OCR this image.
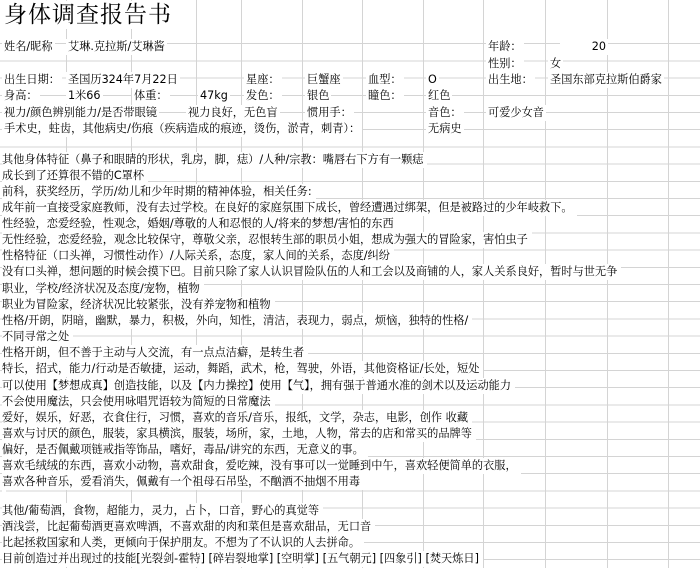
身体调查报告书
姓名/昵称 艾琳.克拉斯/艾琳酱	年龄：	20
性别：	女
出生日期： 圣国历324年7月22日	星座： 巨蟹座 血型： O	出生地： 圣国东部克拉斯伯爵家
身高：	1米66	体重：	47kg 发色： 银色	瞳色： 红色
视力/颜色辨别能力/是否带眼镜	视力良好，无色盲	惯用手：	音色： 可爱少女音
手术史，蛀齿，其他病史/伤痕（疾病造成的痕迹，烫伤，淤青，刺青）：	无病史
其他身体特征（鼻子和眼睛的形状，乳房，脚，痣）/人种/宗教：嘴唇右下方有一颗痣
成长到了还算很不错的C罩杯
前科，获奖经历，学历/幼儿和少年时期的精神体验，相关任务:
成年前一直接受家庭教师，没有去过学校。在良好的家庭氛围下成长，曾经遭遇过绑架，但是被路过的少年岐救下。
性经验，恋爱经验，性观念，婚姻/尊敬的人和忍恨的人/将来的梦想/害怕的东西
无性经验，恋爱经验，观念比较保守，尊敬父亲，忍恨转生部的职员小姐，想成为强大的冒险家，害怕虫子
性格特征（口头禅，习惯性动作）/人际关系，态度，家人间的关系，态度/纠纷
没有口头禅，想问题的时候会摸下巴。目前只除了家人认识冒险队伍的人和工会以及商铺的人，家人关系良好，暂时与世无争
职业，学校/经济状况及态度/宠物，植物
职业为冒险家，经济状况比较紧张，没有养宠物和植物
性格/开朗，阴暗，幽默，暴力，积极，外向，知性，清洁，表现力，弱点，烦恼，独特的性格/
不同寻常之处
性格开朗，但不善于主动与人交流，有一点点洁癖，是转生者
特长，招式，能力/行动是否敏捷，运动，舞蹈，武术，枪，驾驶，外语，其他资格证/长处，短处
可以使用【梦想成真】创造技能，以及【内力操控】使用【气】，拥有强于普通水准的剑术以及运动能力
不会使用魔法，只会使用咏唱咒语较为简短的日常魔法
爱好，娱乐，好恶，衣食住行，习惯，喜欢的音乐/音乐，报纸，文学，杂志，电影，创作 收藏
喜欢与讨厌的颜色，服装，家具横滨，服装，场所，家，土地，人物，常去的店和常买的品牌等
偏好，是否佩戴项链戒指等饰品，嗜好，毒品/讲究的东西，无意义的事。
喜欢毛绒绒的东西，喜欢小动物，喜欢甜食，爱吃辣，没有事可以一觉睡到中午，喜欢轻便简单的衣服，
喜欢各种音乐，爱看消失，佩戴有一个祖母石吊坠，不酗酒不抽烟不用毒
其他/葡萄酒，食物，超能力，灵力，占卜，口音，野心的真觉等
酒浅尝，比起葡萄酒更喜欢啤酒，不喜欢甜的肉和菜但是喜欢甜品，无口音
比起拯救国家和人类，更倾向于保护朋友。不想为了不认识的人去拼命。
目前创造过并出现过的技能[光裂剑-霍特] [碎岩裂地掌] [空明掌] [五气朝元] [四象引] [焚天炼日]
